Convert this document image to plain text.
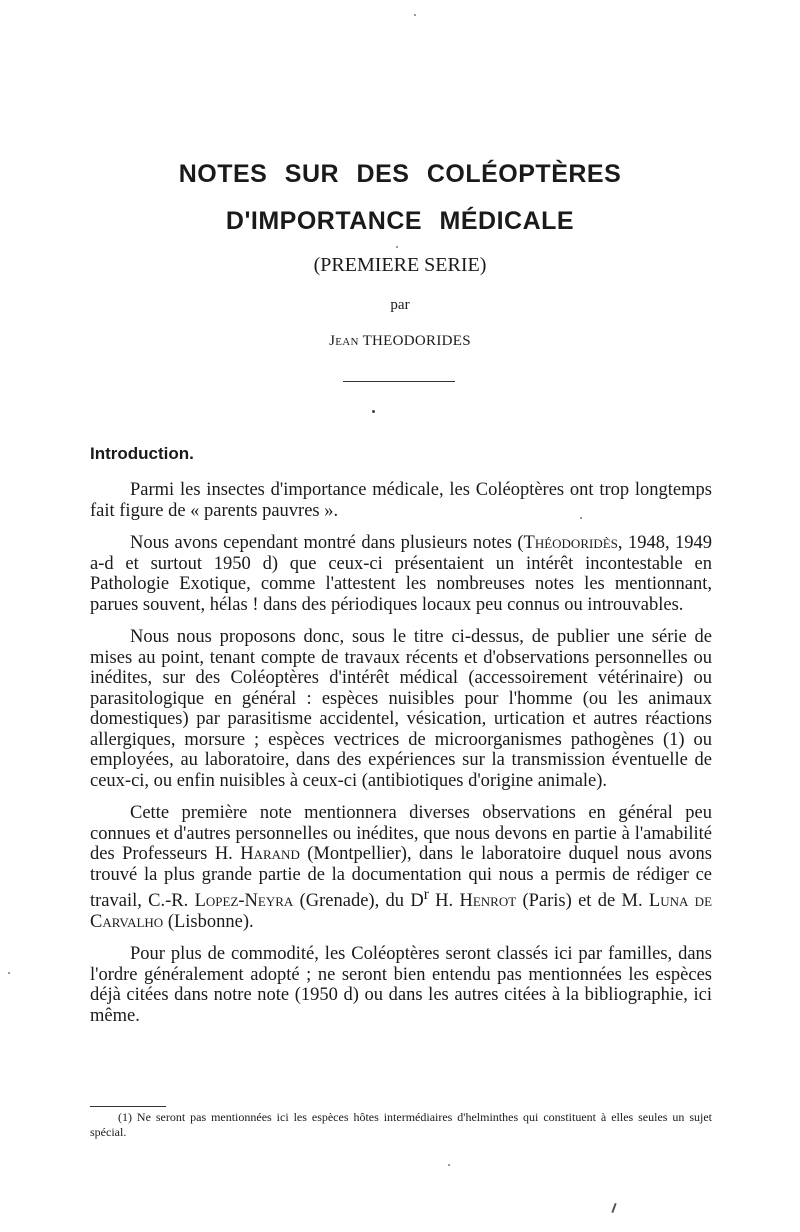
NOTES SUR DES COLÉOPTÈRES
D'IMPORTANCE MÉDICALE

(PREMIERE SERIE)

par

Jean THEODORIDES

Introduction.

Parmi les insectes d'importance médicale, les Coléoptères ont trop longtemps fait figure de « parents pauvres ».

Nous avons cependant montré dans plusieurs notes (Théodoridès, 1948, 1949 a-d et surtout 1950 d) que ceux-ci présentaient un intérêt incontestable en Pathologie Exotique, comme l'attestent les nombreuses notes les mentionnant, parues souvent, hélas ! dans des périodiques locaux peu connus ou introuvables.

Nous nous proposons donc, sous le titre ci-dessus, de publier une série de mises au point, tenant compte de travaux récents et d'observations personnelles ou inédites, sur des Coléoptères d'intérêt médical (accessoirement vétérinaire) ou parasitologique en général : espèces nuisibles pour l'homme (ou les animaux domestiques) par parasitisme accidentel, vésication, urtication et autres réactions allergiques, morsure ; espèces vectrices de microorganismes pathogènes (1) ou employées, au laboratoire, dans des expériences sur la transmission éventuelle de ceux-ci, ou enfin nuisibles à ceux-ci (antibiotiques d'origine animale).

Cette première note mentionnera diverses observations en général peu connues et d'autres personnelles ou inédites, que nous devons en partie à l'amabilité des Professeurs H. Harand (Montpellier), dans le laboratoire duquel nous avons trouvé la plus grande partie de la documentation qui nous a permis de rédiger ce travail, C.-R. Lopez-Neyra (Grenade), du $D^r$ H. Henrot (Paris) et de M. Luna de Carvalho (Lisbonne).

Pour plus de commodité, les Coléoptères seront classés ici par familles, dans l'ordre généralement adopté ; ne seront bien entendu pas mentionnées les espèces déjà citées dans notre note (1950 d) ou dans les autres citées à la bibliographie, ici même.

(1) Ne seront pas mentionnées ici les espèces hôtes intermédiaires d'helminthes qui constituent à elles seules un sujet spécial.
